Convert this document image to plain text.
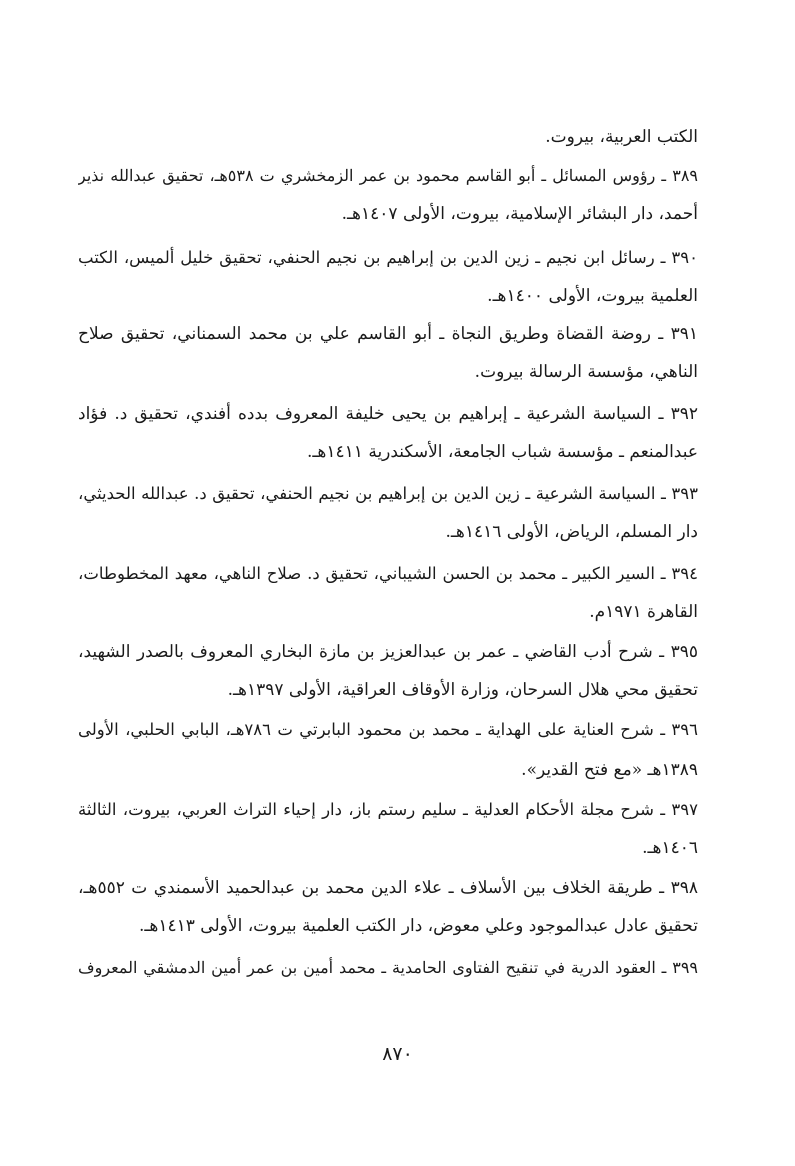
الكتب العربية، بيروت.
٣٨٩ ـ رؤوس المسائل ـ أبو القاسم محمود بن عمر الزمخشري ت ٥٣٨هـ، تحقيق عبدالله نذير
أحمد، دار البشائر الإسلامية، بيروت، الأولى ١٤٠٧هـ.
٣٩٠ ـ رسائل ابن نجيم ـ زين الدين بن إبراهيم بن نجيم الحنفي، تحقيق خليل ألميس، الكتب
العلمية بيروت، الأولى ١٤٠٠هـ.
٣٩١ ـ روضة القضاة وطريق النجاة ـ أبو القاسم علي بن محمد السمناني، تحقيق صلاح
الناهي، مؤسسة الرسالة بيروت.
٣٩٢ ـ السياسة الشرعية ـ إبراهيم بن يحيى خليفة المعروف بدده أفندي، تحقيق د. فؤاد
عبدالمنعم ـ مؤسسة شباب الجامعة، الأسكندرية ١٤١١هـ.
٣٩٣ ـ السياسة الشرعية ـ زين الدين بن إبراهيم بن نجيم الحنفي، تحقيق د. عبدالله الحديثي،
دار المسلم، الرياض، الأولى ١٤١٦هـ.
٣٩٤ ـ السير الكبير ـ محمد بن الحسن الشيباني، تحقيق د. صلاح الناهي، معهد المخطوطات،
القاهرة ١٩٧١م.
٣٩٥ ـ شرح أدب القاضي ـ عمر بن عبدالعزيز بن مازة البخاري المعروف بالصدر الشهيد،
تحقيق محي هلال السرحان، وزارة الأوقاف العراقية، الأولى ١٣٩٧هـ.
٣٩٦ ـ شرح العناية على الهداية ـ محمد بن محمود البابرتي ت ٧٨٦هـ، البابي الحلبي، الأولى
١٣٨٩هـ «مع فتح القدير».
٣٩٧ ـ شرح مجلة الأحكام العدلية ـ سليم رستم باز، دار إحياء التراث العربي، بيروت، الثالثة
١٤٠٦هـ.
٣٩٨ ـ طريقة الخلاف بين الأسلاف ـ علاء الدين محمد بن عبدالحميد الأسمندي ت ٥٥٢هـ،
تحقيق عادل عبدالموجود وعلي معوض، دار الكتب العلمية بيروت، الأولى ١٤١٣هـ.
٣٩٩ ـ العقود الدرية في تنقيح الفتاوى الحامدية ـ محمد أمين بن عمر أمين الدمشقي المعروف
٨٧٠
